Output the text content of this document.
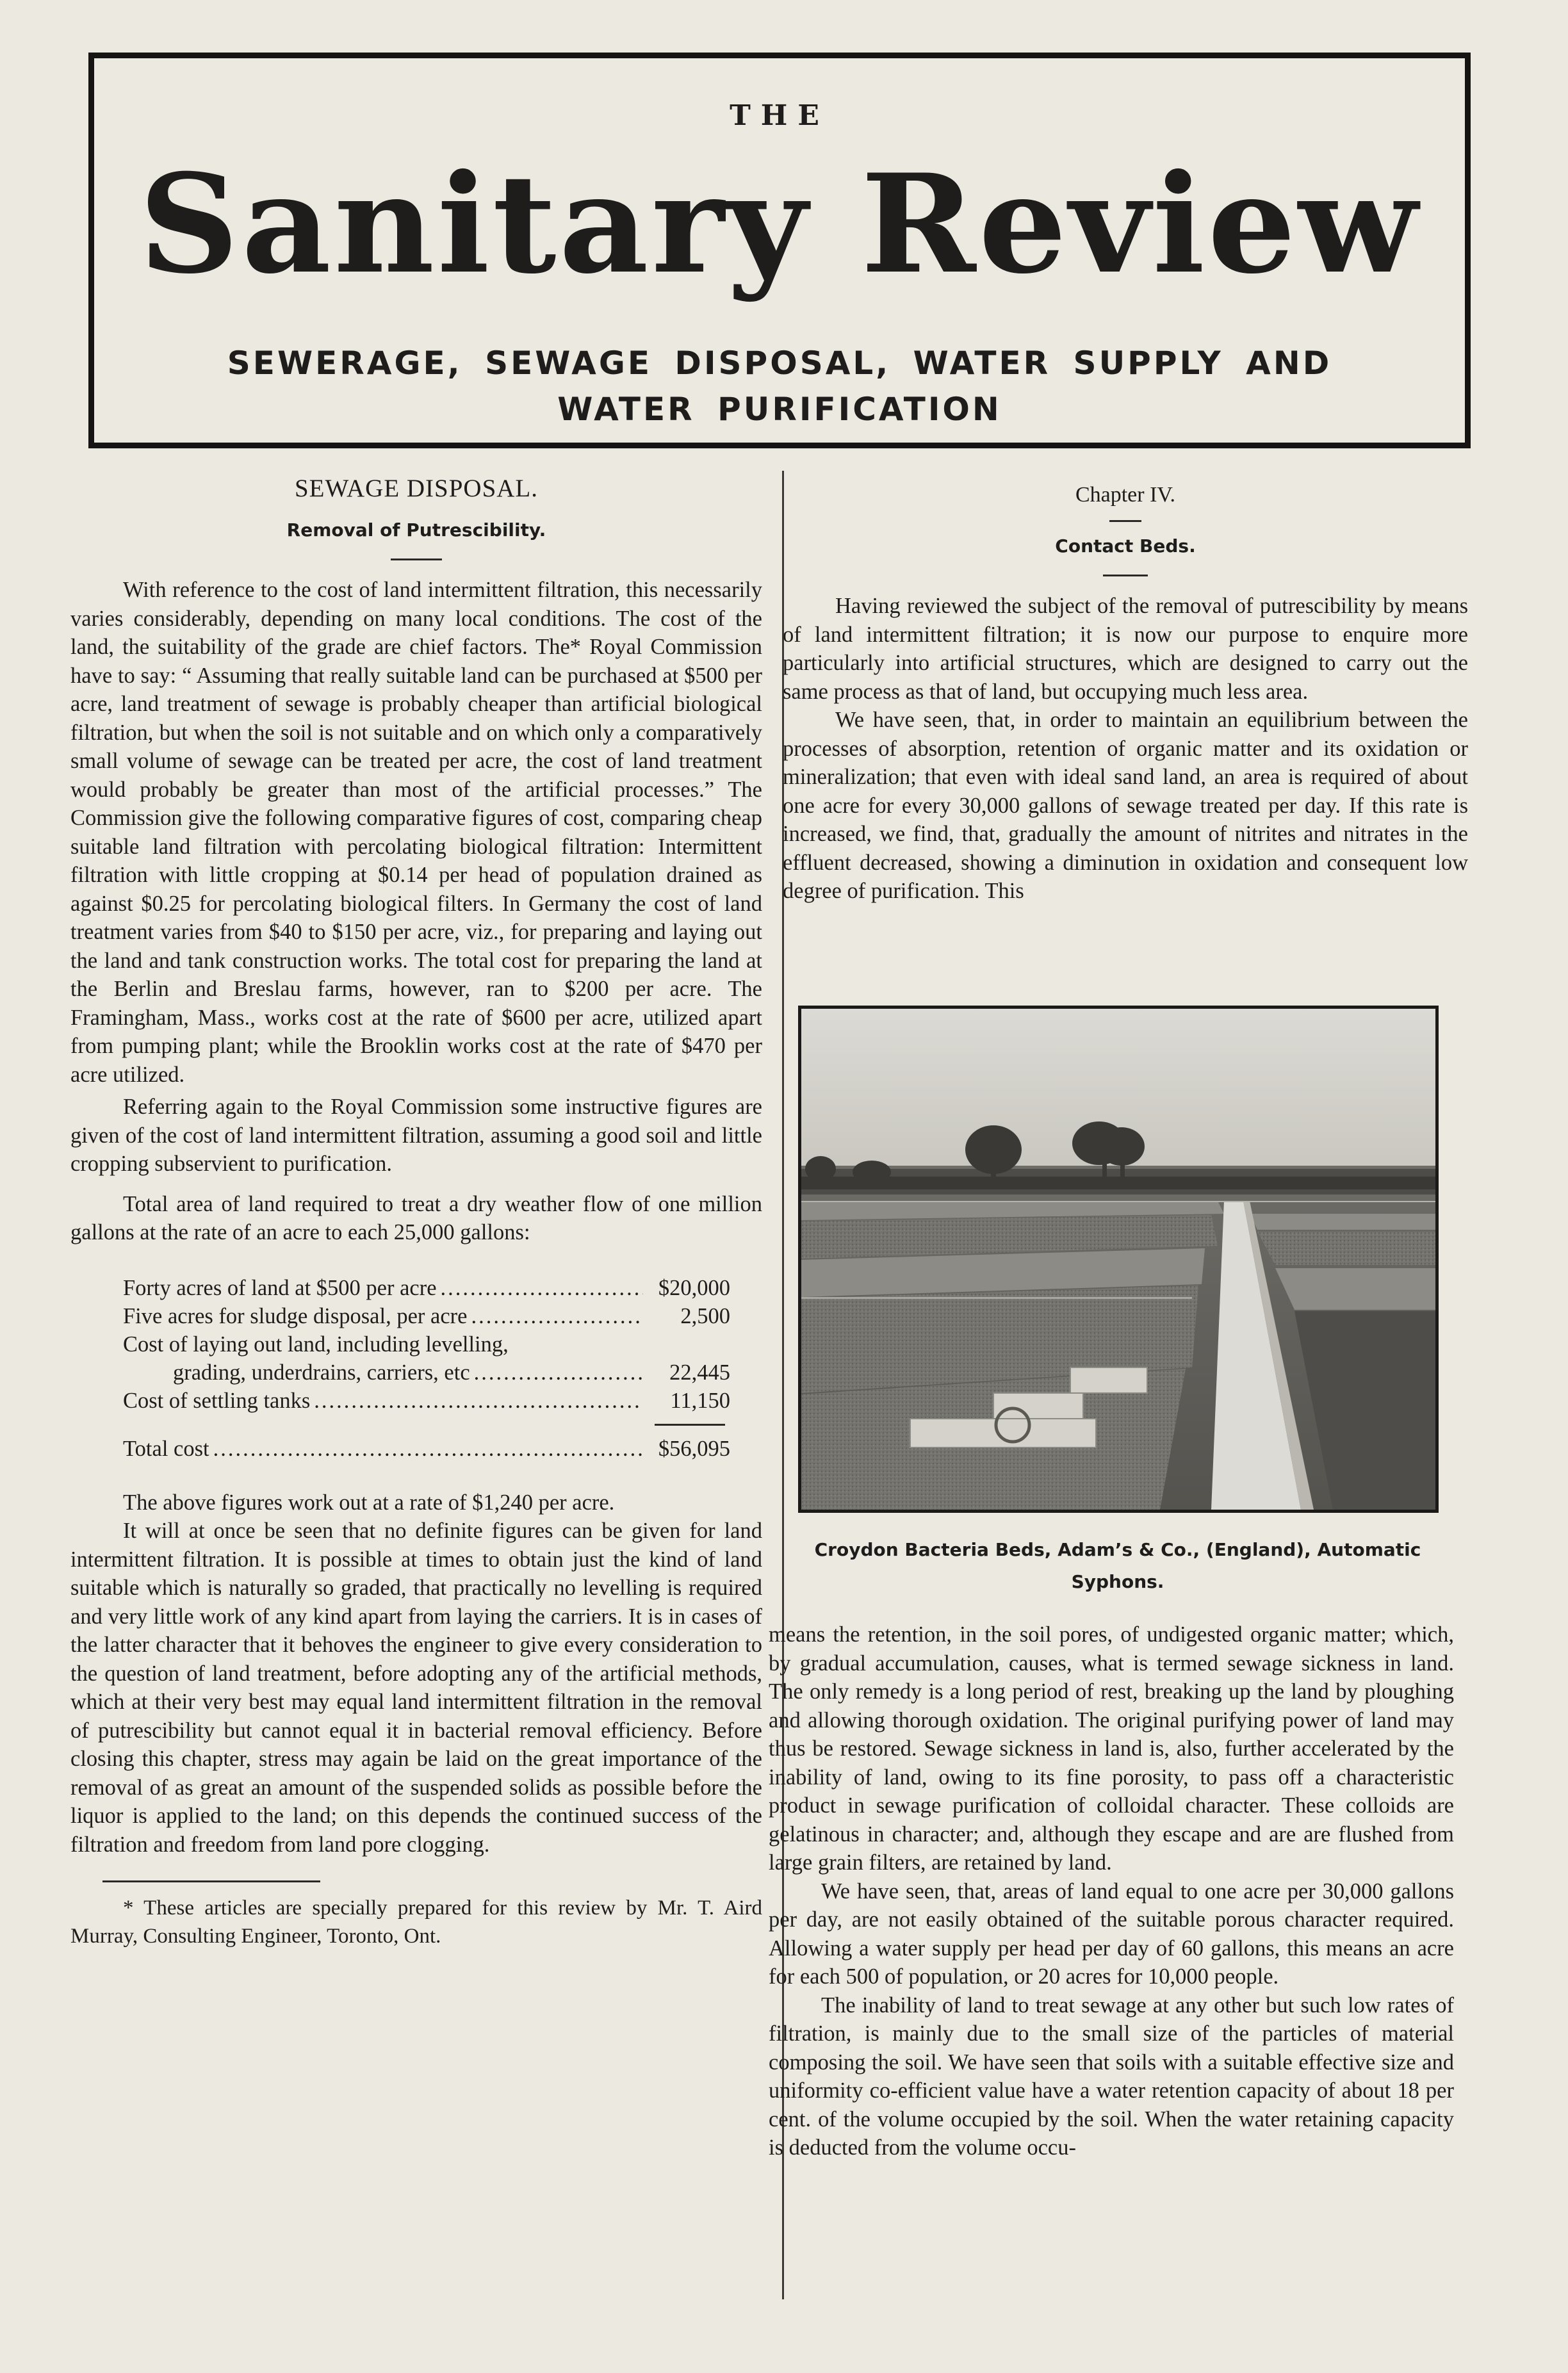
THE
Sanitary Review
SEWERAGE, SEWAGE DISPOSAL, WATER SUPPLY AND
WATER PURIFICATION
SEWAGE DISPOSAL.
Removal of Putrescibility.

With reference to the cost of land intermittent filtration, this necessarily varies considerably, depending on many local conditions. The cost of the land, the suitability of the grade are chief factors. The* Royal Commission have to say: “ Assuming that really suitable land can be purchased at $500 per acre, land treatment of sewage is probably cheaper than artificial biological filtration, but when the soil is not suitable and on which only a comparatively small volume of sewage can be treated per acre, the cost of land treatment would probably be greater than most of the artificial processes.” The Commission give the following comparative figures of cost, comparing cheap suitable land filtration with percolating biological filtration: Intermittent filtration with little cropping at $0.14 per head of population drained as against $0.25 for percolating biological filters. In Germany the cost of land treatment varies from $40 to $150 per acre, viz., for preparing and laying out the land and tank construction works. The total cost for preparing the land at the Berlin and Breslau farms, however, ran to $200 per acre. The Framingham, Mass., works cost at the rate of $600 per acre, utilized apart from pumping plant; while the Brooklin works cost at the rate of $470 per acre utilized.

Referring again to the Royal Commission some instructive figures are given of the cost of land intermittent filtration, assuming a good soil and little cropping subservient to purification.

Total area of land required to treat a dry weather flow of one million gallons at the rate of an acre to each 25,000 gallons:

Forty acres of land at $500 per acre .....	$20,000
Five acres for sludge disposal, per acre .....	2,500
Cost of laying out land, including levelling,
grading, underdrains, carriers, etc .....	22,445
Cost of settling tanks .....	11,150
Total cost .....	$56,095

The above figures work out at a rate of $1,240 per acre.

It will at once be seen that no definite figures can be given for land intermittent filtration. It is possible at times to obtain just the kind of land suitable which is naturally so graded, that practically no levelling is required and very little work of any kind apart from laying the carriers. It is in cases of the latter character that it behoves the engineer to give every consideration to the question of land treatment, before adopting any of the artificial methods, which at their very best may equal land intermittent filtration in the removal of putrescibility but cannot equal it in bacterial removal efficiency. Before closing this chapter, stress may again be laid on the great importance of the removal of as great an amount of the suspended solids as possible before the liquor is applied to the land; on this depends the continued success of the filtration and freedom from land pore clogging.

* These articles are specially prepared for this review by Mr. T. Aird Murray, Consulting Engineer, Toronto, Ont.

Chapter IV.
Contact Beds.

Having reviewed the subject of the removal of putrescibility by means of land intermittent filtration; it is now our purpose to enquire more particularly into artificial structures, which are designed to carry out the same process as that of land, but occupying much less area.

We have seen, that, in order to maintain an equilibrium between the processes of absorption, retention of organic matter and its oxidation or mineralization; that even with ideal sand land, an area is required of about one acre for every 30,000 gallons of sewage treated per day. If this rate is increased, we find, that, gradually the amount of nitrites and nitrates in the effluent decreased, showing a diminution in oxidation and consequent low degree of purification. This

Croydon Bacteria Beds, Adam’s & Co., (England), Automatic Syphons.

means the retention, in the soil pores, of undigested organic matter; which, by gradual accumulation, causes, what is termed sewage sickness in land. The only remedy is a long period of rest, breaking up the land by ploughing and allowing thorough oxidation. The original purifying power of land may thus be restored. Sewage sickness in land is, also, further accelerated by the inability of land, owing to its fine porosity, to pass off a characteristic product in sewage purification of colloidal character. These colloids are gelatinous in character; and, although they escape and are are flushed from large grain filters, are retained by land.

We have seen, that, areas of land equal to one acre per 30,000 gallons per day, are not easily obtained of the suitable porous character required. Allowing a water supply per head per day of 60 gallons, this means an acre for each 500 of population, or 20 acres for 10,000 people.

The inability of land to treat sewage at any other but such low rates of filtration, is mainly due to the small size of the particles of material composing the soil. We have seen that soils with a suitable effective size and uniformity co-efficient value have a water retention capacity of about 18 per cent. of the volume occupied by the soil. When the water retaining capacity is deducted from the volume occu-
